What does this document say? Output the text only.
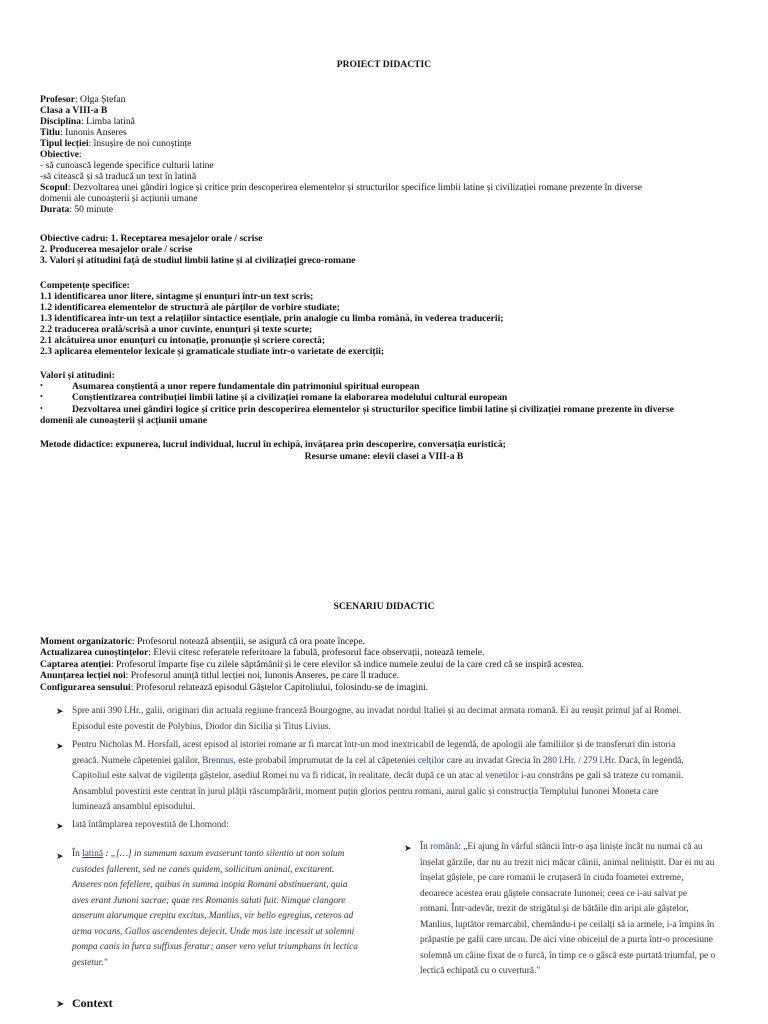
PROIECT DIDACTIC
Profesor: Olga Ștefan
Clasa a VIII-a B
Disciplina: Limba latină
Titlu: Iunonis Anseres
Tipul lecției: însușire de noi cunoștințe
Obiective:
- să cunoască legende specifice culturii latine
-să citească și să traducă un text în latină
Scopul: Dezvoltarea unei gândiri logice și critice prin descoperirea elementelor și structurilor specifice limbii latine și civilizației romane prezente în diverse
domenii ale cunoașterii și acțiunii umane
Durata: 50 minute
Obiective cadru: 1. Receptarea mesajelor orale / scrise
2. Producerea mesajelor orale / scrise
3. Valori și atitudini față de studiul limbii latine și al civilizației greco-romane
Competențe specifice:
1.1 identificarea unor litere, sintagme și enunțuri într-un text scris;
1.2 identificarea elementelor de structură ale părților de vorbire studiate;
1.3 identificarea într-un text a relațiilor sintactice esențiale, prin analogie cu limba română, în vederea traducerii;
2.2 traducerea orală/scrisă a unor cuvinte, enunțuri și texte scurte;
2.1 alcătuirea unor enunțuri cu intonație, pronunție și scriere corectă;
2.3 aplicarea elementelor lexicale și gramaticale studiate într-o varietate de exerciții;
Valori și atitudini:
•	Asumarea conștientă a unor repere fundamentale din patrimoniul spiritual european
•	Conștientizarea contribuției limbii latine și a civilizației romane la elaborarea modelului cultural european
•	Dezvoltarea unei gândiri logice și critice prin descoperirea elementelor și structurilor specifice limbii latine și civilizației romane prezente în diverse
domenii ale cunoașterii și acțiunii umane
Metode didactice: expunerea, lucrul individual, lucrul în echipă, învățarea prin descoperire, conversația euristică;
Resurse umane: elevii clasei a VIII-a B
SCENARIU DIDACTIC
Moment organizatoric: Profesorul notează absențiii, se asigură că ora poate începe.
Actualizarea cunoștințelor: Elevii citesc referatele referitoare la fabulă, profesorul face observații, notează temele.
Captarea atenției: Profesorul împarte fișe cu zilele săptămânii și le cere elevilor să indice numele zeului de la care cred că se inspiră acestea.
Anunțarea lecției noi: Profesorul anunță titlul lecției noi, Iunonis Anseres, pe care îl traduce.
Configurarea sensului: Profesorul relatează episodul Gâștelor Capitoliului, folosindu-se de imagini.
➤ Spre anii 390 î.Hr., galii, originari din actuala regiune franceză Bourgogne, au invadat nordul Italiei și au decimat armata romană. Ei au reușit primul jaf al Romei.
Episodul este povestit de Polybius, Diodor din Sicilia și Titus Livius.
➤ Pentru Nicholas M. Horsfall, acest episod al istoriei romane ar fi marcat într-un mod inextricabil de legendă, de apologii ale familiilor și de transferuri din istoria
greacă. Numele căpeteniei galilor, Brennus, este probabil împrumutat de la cel al căpeteniei celților care au invadat Grecia în 280 î.Hr. / 279 î.Hr. Dacă, în legendă,
Capitoliul este salvat de vigilența gâștelor, asediul Romei nu va fi ridicat, în realitate, decât după ce un atac al venetilor i-au constrâns pe gali să trateze cu romanii.
Ansamblul povestirii este centrat în jurul plății răscumpărării, moment puțin glorios pentru romani, aurul galic și construcția Templului Iunonei Moneta care
luminează ansamblul episodului.
➤ Iată întâmplarea repovestită de Lhomond:
➤ În latină : „[…] in summum saxum evaserunt tanto silentio ut non solum
custodes fallerent, sed ne canes quidem, sollicitum animal, excitarent.
Anseres non fefellere, quibus in summa inopia Romani abstinuerant, quia
aves erant Junoni sacrae; quae res Romanis saluti fuit. Nimque clangore
anserum alarumque crepitu excitus, Manlius, vir bello egregius, ceteros ad
arma vocans, Gallos ascendentes dejecit. Unde mos iste incessit ut solemni
pompa canis in furca suffixus feratur; anser vero velut triumphans in lectica
gestetur."
➤ În română: „Ei ajung în vârful stâncii într-o așa liniște încât nu numai că au
înșelat gărzile, dar nu au trezit nici măcar câinii, animal neliniștit. Dar ei nu au
înșelat gâștele, pe care romanii le cruțaseră în ciuda foametei extreme,
deoarece acestea erau gâștele consacrate Iunonei; ceea ce i-au salvat pe
romani. Într-adevăr, trezit de strigătul și de bătăile din aripi ale gâștelor,
Manlius, luptător remarcabil, chemându-i pe ceilalți să ia armele, i-a împins în
prăpastie pe galii care urcau. De aici vine obiceiul de a purta într-o procesiune
solemnă un câine fixat de o furcă, în timp ce o gâscă este purtată triumfal, pe o
lectică echipată cu o cuvertură."
➤ Context
